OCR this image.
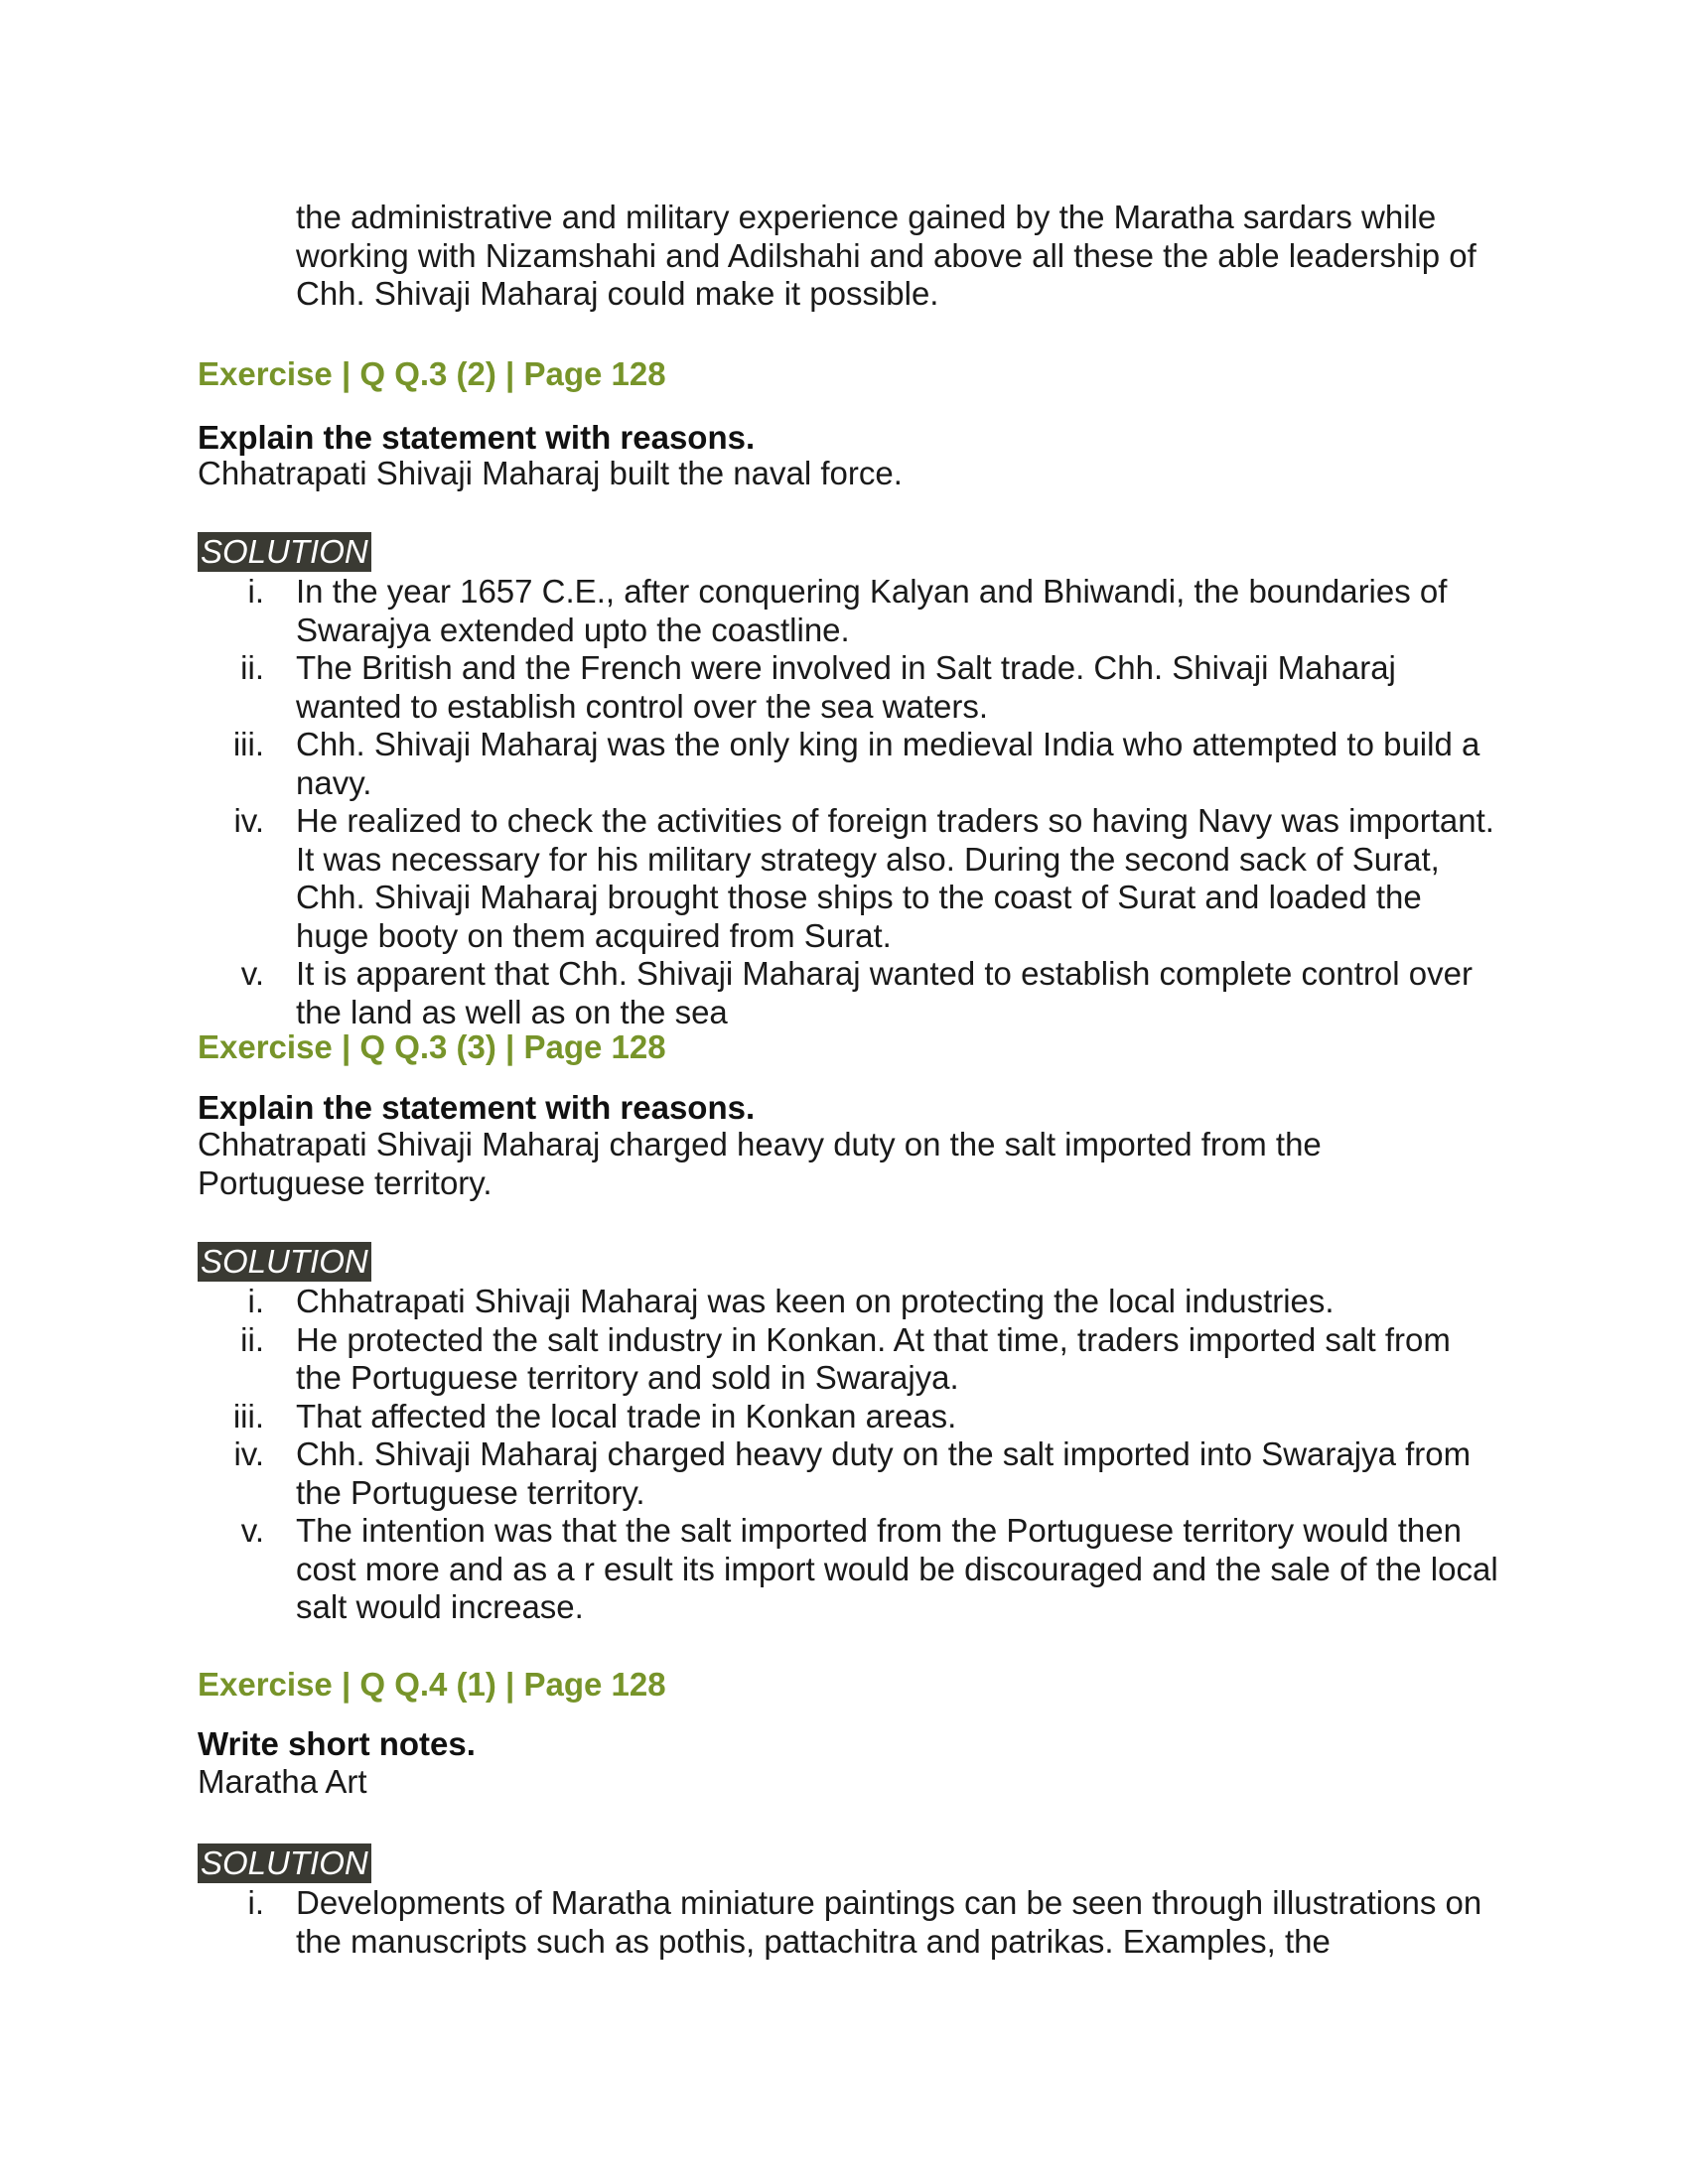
the administrative and military experience gained by the Maratha sardars while working with Nizamshahi and Adilshahi and above all these the able leadership of Chh. Shivaji Maharaj could make it possible.

Exercise | Q Q.3 (2) | Page 128
Explain the statement with reasons.
Chhatrapati Shivaji Maharaj built the naval force.
SOLUTION
i. In the year 1657 C.E., after conquering Kalyan and Bhiwandi, the boundaries of Swarajya extended upto the coastline.
ii. The British and the French were involved in Salt trade. Chh. Shivaji Maharaj wanted to establish control over the sea waters.
iii. Chh. Shivaji Maharaj was the only king in medieval India who attempted to build a navy.
iv. He realized to check the activities of foreign traders so having Navy was important. It was necessary for his military strategy also. During the second sack of Surat, Chh. Shivaji Maharaj brought those ships to the coast of Surat and loaded the huge booty on them acquired from Surat.
v. It is apparent that Chh. Shivaji Maharaj wanted to establish complete control over the land as well as on the sea
Exercise | Q Q.3 (3) | Page 128
Explain the statement with reasons.
Chhatrapati Shivaji Maharaj charged heavy duty on the salt imported from the Portuguese territory.
SOLUTION
i. Chhatrapati Shivaji Maharaj was keen on protecting the local industries.
ii. He protected the salt industry in Konkan. At that time, traders imported salt from the Portuguese territory and sold in Swarajya.
iii. That affected the local trade in Konkan areas.
iv. Chh. Shivaji Maharaj charged heavy duty on the salt imported into Swarajya from the Portuguese territory.
v. The intention was that the salt imported from the Portuguese territory would then cost more and as a r esult its import would be discouraged and the sale of the local salt would increase.
Exercise | Q Q.4 (1) | Page 128
Write short notes.
Maratha Art
SOLUTION
i. Developments of Maratha miniature paintings can be seen through illustrations on the manuscripts such as pothis, pattachitra and patrikas. Examples, the
